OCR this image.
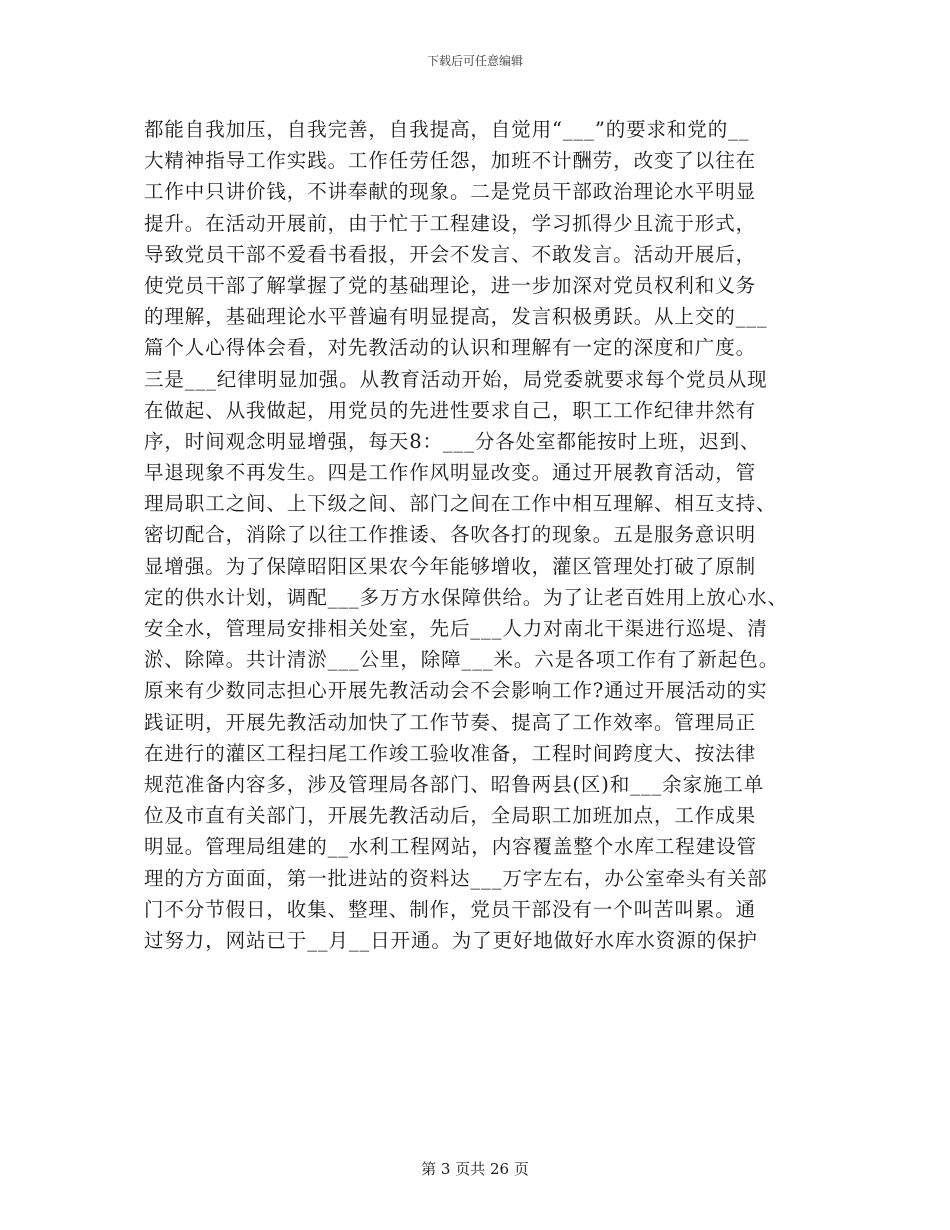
下载后可任意编辑
都能自我加压，自我完善，自我提高，自觉用“___”的要求和党的__
大精神指导工作实践。工作任劳任怨，加班不计酬劳，改变了以往在
工作中只讲价钱，不讲奉献的现象。二是党员干部政治理论水平明显
提升。在活动开展前，由于忙于工程建设，学习抓得少且流于形式，
导致党员干部不爱看书看报，开会不发言、不敢发言。活动开展后，
使党员干部了解掌握了党的基础理论，进一步加深对党员权利和义务
的理解，基础理论水平普遍有明显提高，发言积极勇跃。从上交的___
篇个人心得体会看，对先教活动的认识和理解有一定的深度和广度。
三是___纪律明显加强。从教育活动开始，局党委就要求每个党员从现
在做起、从我做起，用党员的先进性要求自己，职工工作纪律井然有
序，时间观念明显增强，每天8：___分各处室都能按时上班，迟到、
早退现象不再发生。四是工作作风明显改变。通过开展教育活动，管
理局职工之间、上下级之间、部门之间在工作中相互理解、相互支持、
密切配合，消除了以往工作推诿、各吹各打的现象。五是服务意识明
显增强。为了保障昭阳区果农今年能够增收，灌区管理处打破了原制
定的供水计划，调配___多万方水保障供给。为了让老百姓用上放心水、
安全水，管理局安排相关处室，先后___人力对南北干渠进行巡堤、清
淤、除障。共计清淤___公里，除障___米。六是各项工作有了新起色。
原来有少数同志担心开展先教活动会不会影响工作?通过开展活动的实
践证明，开展先教活动加快了工作节奏、提高了工作效率。管理局正
在进行的灌区工程扫尾工作竣工验收准备，工程时间跨度大、按法律
规范准备内容多，涉及管理局各部门、昭鲁两县(区)和___余家施工单
位及市直有关部门，开展先教活动后，全局职工加班加点，工作成果
明显。管理局组建的__水利工程网站，内容覆盖整个水库工程建设管
理的方方面面，第一批进站的资料达___万字左右，办公室牵头有关部
门不分节假日，收集、整理、制作，党员干部没有一个叫苦叫累。通
过努力，网站已于__月__日开通。为了更好地做好水库水资源的保护
第 3 页共 26 页
